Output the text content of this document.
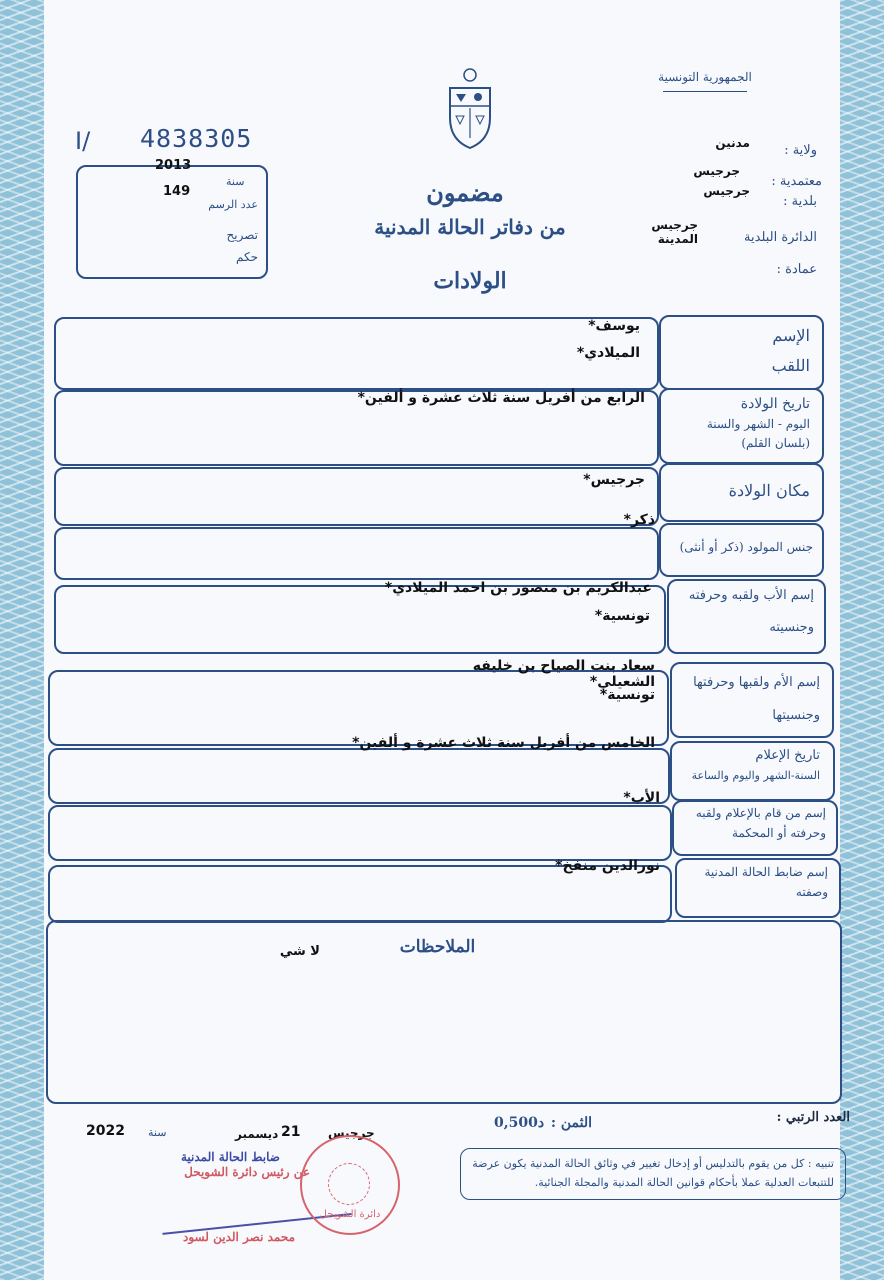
الجمهورية التونسية
I/ 4838305
2013
سنة
149
عدد الرسم
تصريح
حكم
مدنين	ولاية :
جرجيس
معتمدية :
جرجيس
بلدية :
جرجيس المدينة	الدائرة البلدية
عمادة :
مضمون
من دفاتر الحالة المدنية
الولادات
الإسم
اللقب
يوسف*
الميلادي*
تاريخ الولادة
اليوم - الشهر والسنة
(بلسان القلم)
الرابع من أفريل سنة ثلاث عشرة و ألفين*
مكان الولادة
جرجيس*
جنس المولود (ذكر أو أنثى)
ذكر*
إسم الأب ولقبه وحرفته
وجنسيته
عبدالكريم بن منصور بن احمد الميلادي*
تونسية*
إسم الأم ولقبها وحرفتها
وجنسيتها
سعاد بنت الصياح بن خليفه الشعيلي*
تونسية*
تاريخ الإعلام
السنة-الشهر واليوم والساعة
الخامس من أفريل سنة ثلاث عشرة و ألفين*
إسم من قام بالإعلام ولقبه
وحرفته أو المحكمة
الأب*
إسم ضابط الحالة المدنية
وصفته
نورالدين منفخ*
الملاحظات
لا شي
العدد الرتبي :
الثمن :
0,500د
جرجيس
21
ديسمبر
سنة
2022
تنبيه : كل من يقوم بالتدليس أو إدخال تغيير في وثائق الحالة المدنية يكون عرضة للتتبعات العدلية عملا بأحكام قوانين الحالة المدنية والمجلة الجنائية.
ضابط الحالة المدنية
عن رئيس دائرة الشويحل
محمد نصر الدين لسود
دائرة الشويحل
